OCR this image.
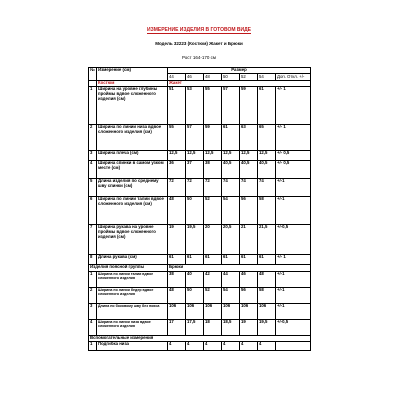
ИЗМЕРЕНИЕ ИЗДЕЛИЯ В ГОТОВОМ ВИДЕ
Модель 32223 (Костюм) Жакет и Брюки
Рост 164-170 см
№	Измерение (см)	Размер						
		44	46	48	50	52	54	Доп. Откл. +/-
	Костюм	Жакет						
1	Ширина на уровне глубины проймы вдвое сложенного изделия (см)	51	53	55	57	59	61	+/- 1
2	Ширина по линии низа вдвое сложенного изделия (см)	55	57	59	61	63	65	+/- 1
3	Ширина плеча (см)	12,5	12,5	12,5	12,5	12,5	12,5	+/- 0,5
4	Ширина спинки в самом узком месте (см)	36	37	38	40,5	40,5	40,5	+/- 0,5
5	Длина изделия по среднему шву спинки (см)	72	72	72	74	74	74	+/-1
6	Ширина по линии талии вдвое сложенного изделия (см)	48	50	52	54	56	58	+/-1
7	Ширина рукава на уровне проймы вдвое сложенного изделия (см)	19	19,5	20	20,5	21	21,5	+/-0,5
8	Длина рукава (см)	61	61	61	61	61	61	+/- 1
Изделия поясной группы		Брюки						
1	Ширина по линии талии вдвое сложенного изделия	38	40	42	44	46	48	+/-1
2	Ширина по линии бедер вдвое сложенного изделия	48	50	52	54	56	58	+/-1
3	Длина по боковому шву без пояса	106	106	106	106	106	106	+/-1
4	Ширина по линии низа вдвое сложенного изделия	17	17,5	18	18,5	19	19,5	+/-0,5
Вспомогательные измерения								
1	Подгибка низа	4	4	4	4	4	4	
